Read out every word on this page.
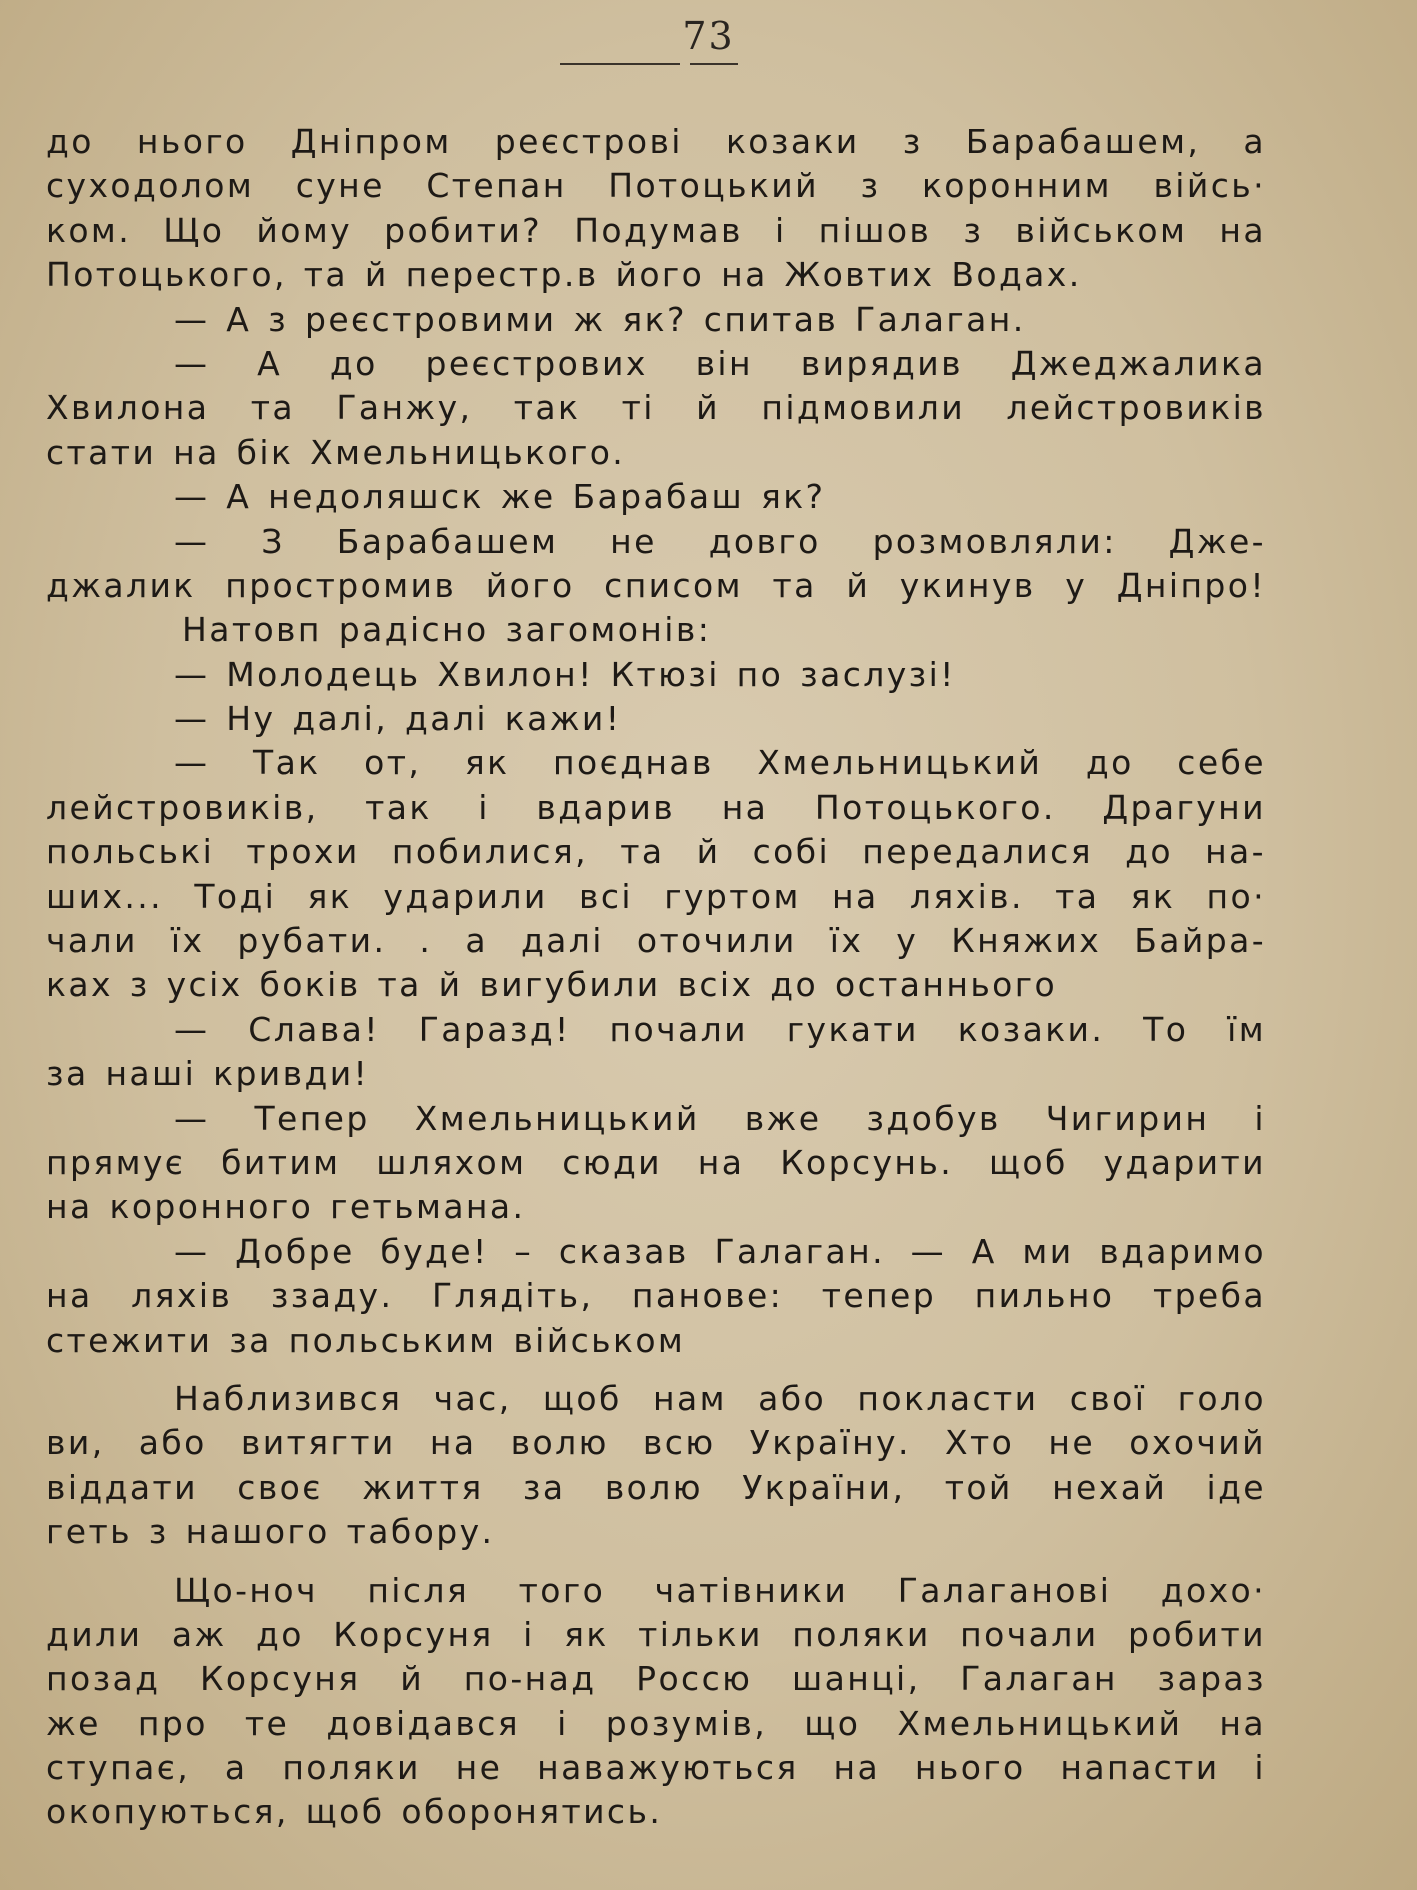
73
до нього Дніпром реєстрові козаки з Барабашем, а
суходолом суне Степан Потоцький з коронним війсь·
ком. Що йому робити? Подумав і пішов з військом на
Потоцького, та й перестр.в його на Жовтих Водах.
— А з реєстровими ж як? спитав Галаган.
— А до реєстрових він вирядив Джеджалика
Хвилона та Ганжу, так ті й підмовили лейстровиків
стати на бік Хмельницького.
— А недоляшск же Барабаш як?
— З Барабашем не довго розмовляли: Дже-
джалик простромив його списом та й укинув у Дніпро!
Натовп радісно загомонів:
— Молодець Хвилон! Ктюзі по заслузі!
— Ну далі, далі кажи!
— Так от, як поєднав Хмельницький до себе
лейстровиків, так і вдарив на Потоцького. Драгуни
польські трохи побилися, та й собі передалися до на-
ших... Тоді як ударили всі гуртом на ляхів. та як по·
чали їх рубати. . а далі оточили їх у Княжих Байра-
ках з усіх боків та й вигубили всіх до останнього
— Слава! Гаразд! почали гукати козаки. То їм
за наші кривди!
— Тепер Хмельницький вже здобув Чигирин і
прямує битим шляхом сюди на Корсунь. щоб ударити
на коронного гетьмана.
— Добре буде! – сказав Галаган. — А ми вдаримо
на ляхів ззаду. Глядіть, панове: тепер пильно треба
стежити за польським військом
Наблизився час, щоб нам або покласти свої голо
ви, або витягти на волю всю Україну. Хто не охочий
віддати своє життя за волю України, той нехай іде
геть з нашого табору.
Що-ноч після того чатівники Галаганові дохо·
дили аж до Корсуня і як тільки поляки почали робити
позад Корсуня й по-над Россю шанці, Галаган зараз
же про те довідався і розумів, що Хмельницький на
ступає, а поляки не наважуються на нього напасти і
окопуються, щоб оборонятись.
